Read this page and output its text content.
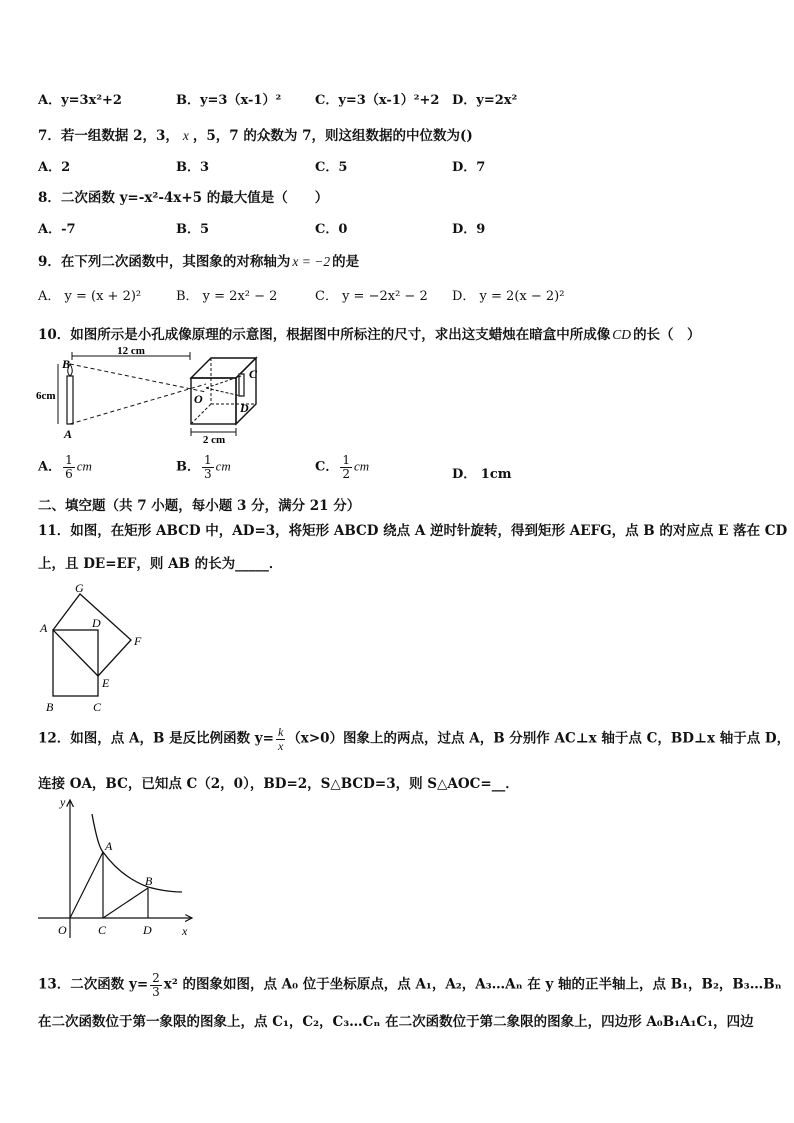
A．y=3x²+2	B．y=3（x-1）²	C．y=3（x-1）²+2 D．y=2x²
7．若一组数据 2，3， x ，5，7 的众数为 7，则这组数据的中位数为()
A．2	B．3	C．5	D．7
8．二次函数 y=-x²-4x+5 的最大值是（　　）
A．-7	B．5	C．0	D．9
9．在下列二次函数中，其图象的对称轴为 x = −2 的是
A． y = (x + 2)²	B． y = 2x² − 2	C． y = −2x² − 2 D． y = 2(x − 2)²
10．如图所示是小孔成像原理的示意图，根据图中所标注的尺寸，求出这支蜡烛在暗盒中所成像 CD 的长（　）
12 cm
6cm
2 cm
B
A
O
C
D
A． $\frac{1}{6}$ cm	B． $\frac{1}{3}$ cm	C． $\frac{1}{2}$ cm
D． 1cm
二、填空题（共 7 小题，每小题 3 分，满分 21 分）
11．如图，在矩形 ABCD 中，AD=3，将矩形 ABCD 绕点 A 逆时针旋转，得到矩形 AEFG，点 B 的对应点 E 落在 CD
上，且 DE=EF，则 AB 的长为_____．
G
A	D
F
E
B	C
12．如图，点 A，B 是反比例函数 $y= \frac{k}{x} (x>0)$图象上的两点，过点 A，B 分别作 AC⊥x 轴于点 C，BD⊥x 轴于点 D，
连接 OA，BC，已知点 C（2，0），BD=2，S△BCD=3，则 S△AOC=__．
y
x
O
A
B
C	D
13．二次函数 $y= \frac{2}{3} x^2$ 的图象如图，点 A₀ 位于坐标原点，点 A₁，A₂，A₃…Aₙ 在 y 轴的正半轴上，点 B₁，B₂，B₃…Bₙ
在二次函数位于第一象限的图象上，点 C₁，C₂，C₃…Cₙ 在二次函数位于第二象限的图象上，四边形 A₀B₁A₁C₁，四边
